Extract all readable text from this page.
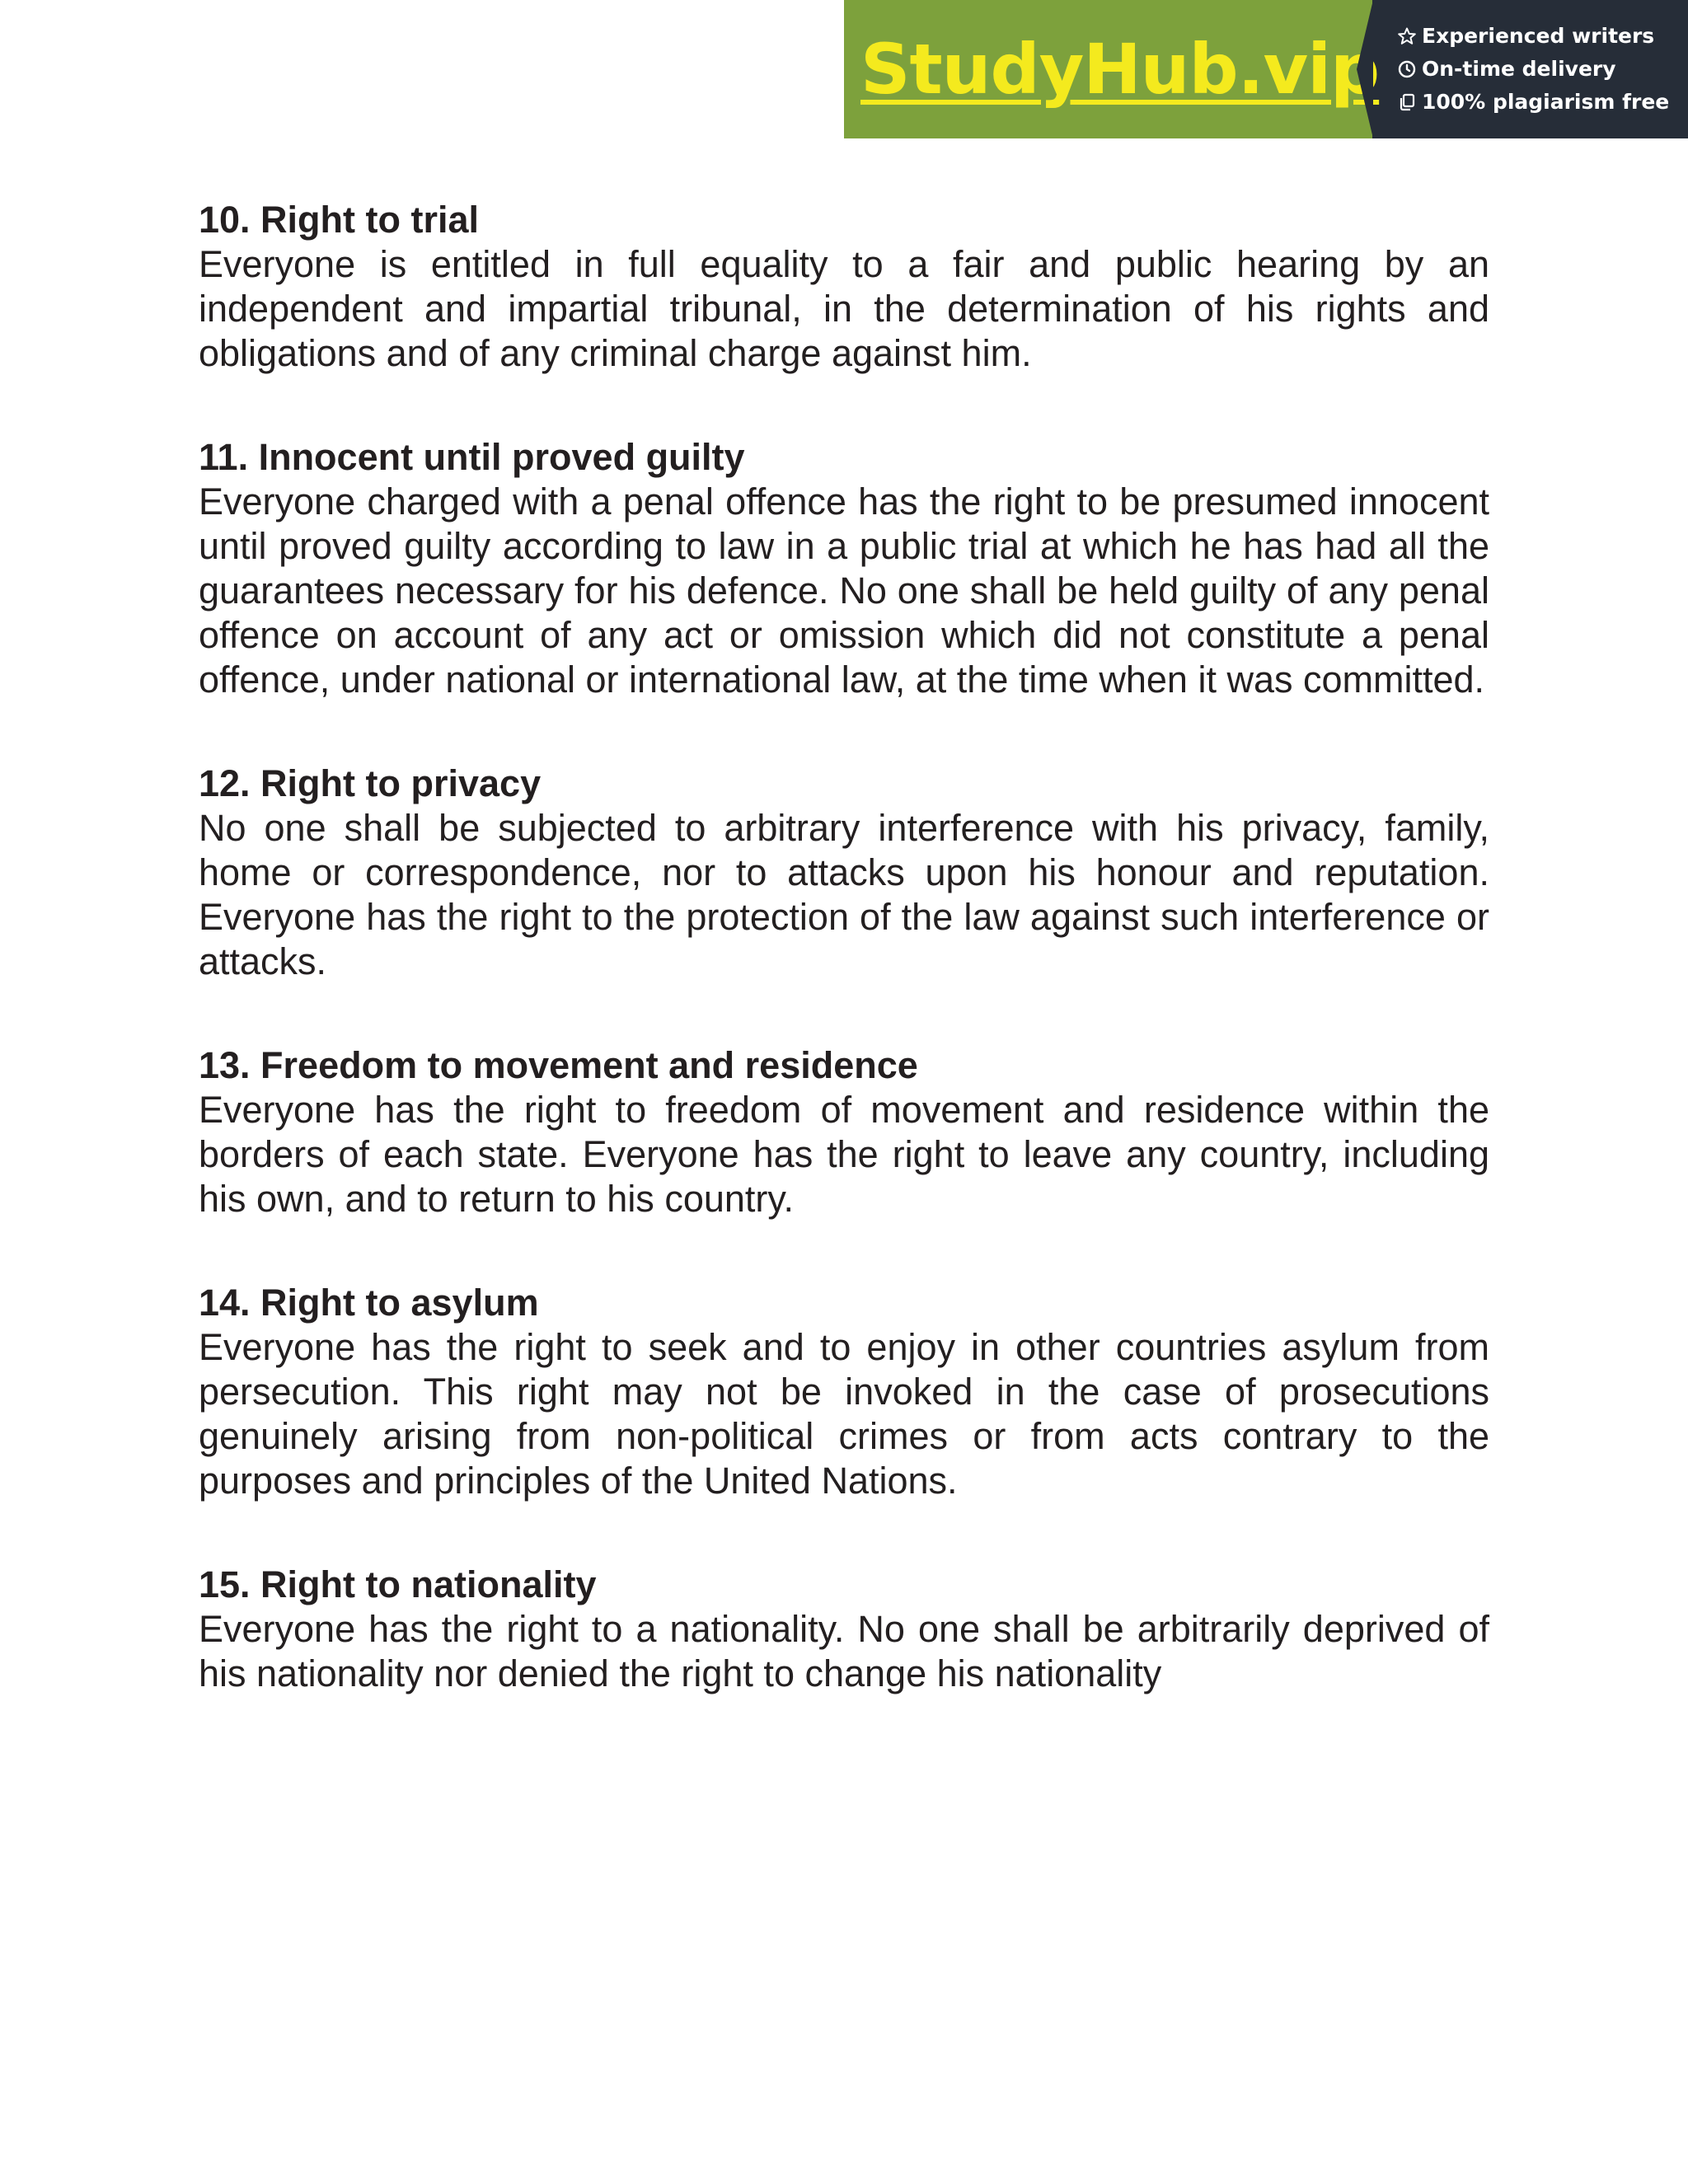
StudyHub.vip Experienced writers
On-time delivery
100% plagiarism free

10. Right to trial

Everyone is entitled in full equality to a fair and public hearing by an independent and impartial tribunal, in the determination of his rights and obligations and of any criminal charge against him.

11. Innocent until proved guilty

Everyone charged with a penal offence has the right to be presumed innocent until proved guilty according to law in a public trial at which he has had all the guarantees necessary for his defence. No one shall be held guilty of any penal offence on account of any act or omission which did not constitute a penal offence, under national or international law, at the time when it was committed.

12. Right to privacy

No one shall be subjected to arbitrary interference with his privacy, family, home or correspondence, nor to attacks upon his honour and reputation. Everyone has the right to the protection of the law against such interference or attacks.

13. Freedom to movement and residence

Everyone has the right to freedom of movement and residence within the borders of each state. Everyone has the right to leave any country, including his own, and to return to his country.

14. Right to asylum

Everyone has the right to seek and to enjoy in other countries asylum from persecution. This right may not be invoked in the case of prosecutions genuinely arising from non-political crimes or from acts contrary to the purposes and principles of the United Nations.

15. Right to nationality

Everyone has the right to a nationality. No one shall be arbitrarily deprived of his nationality nor denied the right to change his nationality
